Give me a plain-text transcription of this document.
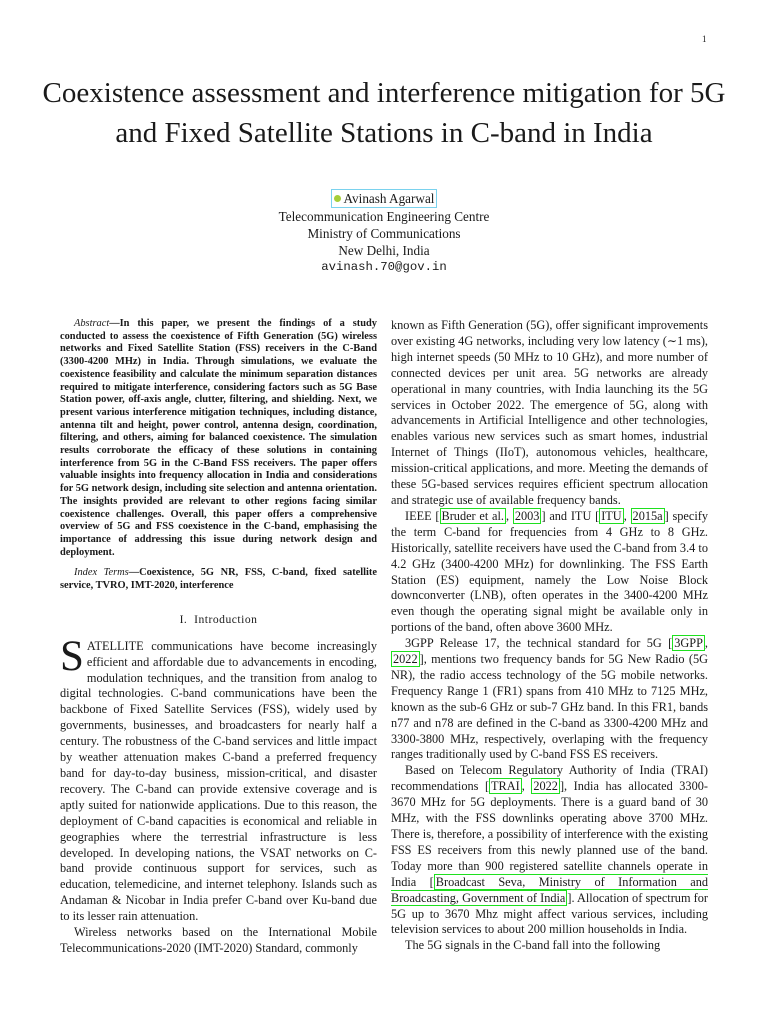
1
Coexistence assessment and interference mitigation for 5G and Fixed Satellite Stations in C-band in India
Avinash Agarwal
Telecommunication Engineering Centre
Ministry of Communications
New Delhi, India
avinash.70@gov.in

Abstract—In this paper, we present the findings of a study conducted to assess the coexistence of Fifth Generation (5G) wireless networks and Fixed Satellite Station (FSS) receivers in the C-Band (3300-4200 MHz) in India. Through simulations, we evaluate the coexistence feasibility and calculate the minimum separation distances required to mitigate interference, considering factors such as 5G Base Station power, off-axis angle, clutter, filtering, and shielding. Next, we present various interference mitigation techniques, including distance, antenna tilt and height, power control, antenna design, coordination, filtering, and others, aiming for balanced coexistence. The simulation results corroborate the efficacy of these solutions in containing interference from 5G in the C-Band FSS receivers. The paper offers valuable insights into frequency allocation in India and considerations for 5G network design, including site selection and antenna orientation. The insights provided are relevant to other regions facing similar coexistence challenges. Overall, this paper offers a comprehensive overview of 5G and FSS coexistence in the C-band, emphasising the importance of addressing this issue during network design and deployment.

Index Terms—Coexistence, 5G NR, FSS, C-band, fixed satellite service, TVRO, IMT-2020, interference

I. Introduction

SATELLITE communications have become increasingly efficient and affordable due to advancements in encoding, modulation techniques, and the transition from analog to digital technologies. C-band communications have been the backbone of Fixed Satellite Services (FSS), widely used by governments, businesses, and broadcasters for nearly half a century. The robustness of the C-band services and little impact by weather attenuation makes C-band a preferred frequency band for day-to-day business, mission-critical, and disaster recovery. The C-band can provide extensive coverage and is aptly suited for nationwide applications. Due to this reason, the deployment of C-band capacities is economical and reliable in geographies where the terrestrial infrastructure is less developed. In developing nations, the VSAT networks on C-band provide continuous support for services, such as education, telemedicine, and internet telephony. Islands such as Andaman & Nicobar in India prefer C-band over Ku-band due to its lesser rain attenuation.

Wireless networks based on the International Mobile Telecommunications-2020 (IMT-2020) Standard, commonly

known as Fifth Generation (5G), offer significant improvements over existing 4G networks, including very low latency (∼1 ms), high internet speeds (50 MHz to 10 GHz), and more number of connected devices per unit area. 5G networks are already operational in many countries, with India launching its the 5G services in October 2022. The emergence of 5G, along with advancements in Artificial Intelligence and other technologies, enables various new services such as smart homes, industrial Internet of Things (IIoT), autonomous vehicles, healthcare, mission-critical applications, and more. Meeting the demands of these 5G-based services requires efficient spectrum allocation and strategic use of available frequency bands.

IEEE [ Bruder et al. , 2003 ] and ITU [ ITU , 2015a ] specify the term C-band for frequencies from 4 GHz to 8 GHz. Historically, satellite receivers have used the C-band from 3.4 to 4.2 GHz (3400-4200 MHz) for downlinking. The FSS Earth Station (ES) equipment, namely the Low Noise Block downconverter (LNB), often operates in the 3400-4200 MHz even though the operating signal might be available only in portions of the band, often above 3600 MHz.

3GPP Release 17, the technical standard for 5G [ 3GPP , 2022 ], mentions two frequency bands for 5G New Radio (5G NR), the radio access technology of the 5G mobile networks. Frequency Range 1 (FR1) spans from 410 MHz to 7125 MHz, known as the sub-6 GHz or sub-7 GHz band. In this FR1, bands n77 and n78 are defined in the C-band as 3300-4200 MHz and 3300-3800 MHz, respectively, overlaping with the frequency ranges traditionally used by C-band FSS ES receivers.

Based on Telecom Regulatory Authority of India (TRAI) recommendations [ TRAI , 2022 ], India has allocated 3300-3670 MHz for 5G deployments. There is a guard band of 30 MHz, with the FSS downlinks operating above 3700 MHz. There is, therefore, a possibility of interference with the existing FSS ES receivers from this newly planned use of the band. Today more than 900 registered satellite channels operate in India [ Broadcast Seva, Ministry of Information and Broadcasting, Government of India ]. Allocation of spectrum for 5G up to 3670 Mhz might affect various services, including television services to about 200 million households in India.

The 5G signals in the C-band fall into the following
